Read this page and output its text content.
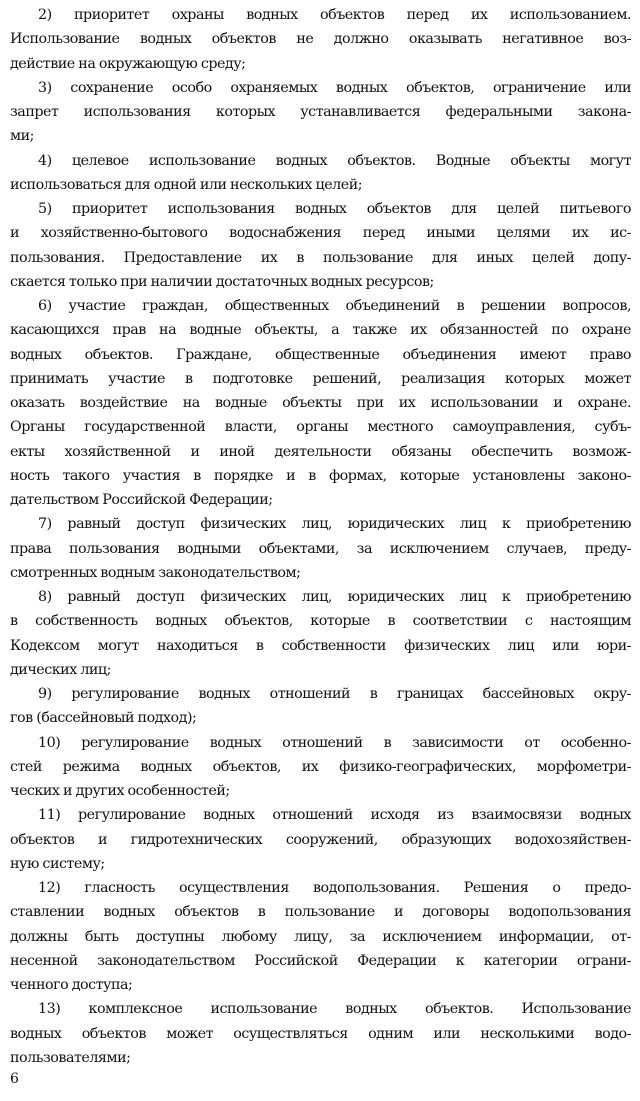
2) приоритет охраны водных объектов перед их использованием.
Использование водных объектов не должно оказывать негативное воз-
действие на окружающую среду;

3) сохранение особо охраняемых водных объектов, ограничение или
запрет использования которых устанавливается федеральными закона-
ми;

4) целевое использование водных объектов. Водные объекты могут
использоваться для одной или нескольких целей;

5) приоритет использования водных объектов для целей питьевого
и хозяйственно-бытового водоснабжения перед иными целями их ис-
пользования. Предоставление их в пользование для иных целей допу-
скается только при наличии достаточных водных ресурсов;

6) участие граждан, общественных объединений в решении вопросов,
касающихся прав на водные объекты, а также их обязанностей по охране
водных объектов. Граждане, общественные объединения имеют право
принимать участие в подготовке решений, реализация которых может
оказать воздействие на водные объекты при их использовании и охране.
Органы государственной власти, органы местного самоуправления, субъ-
екты хозяйственной и иной деятельности обязаны обеспечить возмож-
ность такого участия в порядке и в формах, которые установлены законо-
дательством Российской Федерации;

7) равный доступ физических лиц, юридических лиц к приобретению
права пользования водными объектами, за исключением случаев, преду-
смотренных водным законодательством;

8) равный доступ физических лиц, юридических лиц к приобретению
в собственность водных объектов, которые в соответствии с настоящим
Кодексом могут находиться в собственности физических лиц или юри-
дических лиц;

9) регулирование водных отношений в границах бассейновых окру-
гов (бассейновый подход);

10) регулирование водных отношений в зависимости от особенно-
стей режима водных объектов, их физико-географических, морфометри-
ческих и других особенностей;

11) регулирование водных отношений исходя из взаимосвязи водных
объектов и гидротехнических сооружений, образующих водохозяйствен-
ную систему;

12) гласность осуществления водопользования. Решения о предо-
ставлении водных объектов в пользование и договоры водопользования
должны быть доступны любому лицу, за исключением информации, от-
несенной законодательством Российской Федерации к категории ограни-
ченного доступа;

13) комплексное использование водных объектов. Использование
водных объектов может осуществляться одним или несколькими водо-
пользователями;

6
